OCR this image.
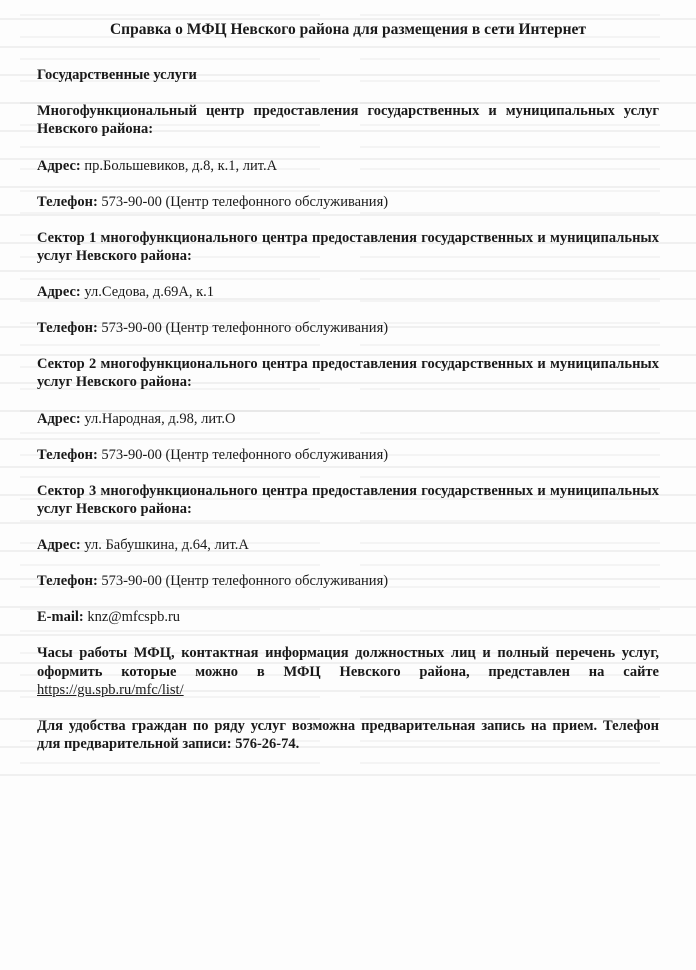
Справка о МФЦ Невского района для размещения в сети Интернет
Государственные услуги
Многофункциональный центр предоставления государственных и муниципальных услуг Невского района:
Адрес: пр.Большевиков, д.8, к.1, лит.А
Телефон: 573-90-00 (Центр телефонного обслуживания)
Сектор 1 многофункционального центра предоставления государственных и муниципальных услуг Невского района:
Адрес: ул.Седова, д.69А, к.1
Телефон: 573-90-00 (Центр телефонного обслуживания)
Сектор 2 многофункционального центра предоставления государственных и муниципальных услуг Невского района:
Адрес: ул.Народная, д.98, лит.О
Телефон: 573-90-00 (Центр телефонного обслуживания)
Сектор 3 многофункционального центра предоставления государственных и муниципальных услуг Невского района:
Адрес: ул. Бабушкина, д.64, лит.А
Телефон: 573-90-00 (Центр телефонного обслуживания)
E-mail: knz@mfcspb.ru
Часы работы МФЦ, контактная информация должностных лиц и полный перечень услуг, оформить которые можно в МФЦ Невского района, представлен на сайте https://gu.spb.ru/mfc/list/
Для удобства граждан по ряду услуг возможна предварительная запись на прием. Телефон для предварительной записи: 576-26-74.
